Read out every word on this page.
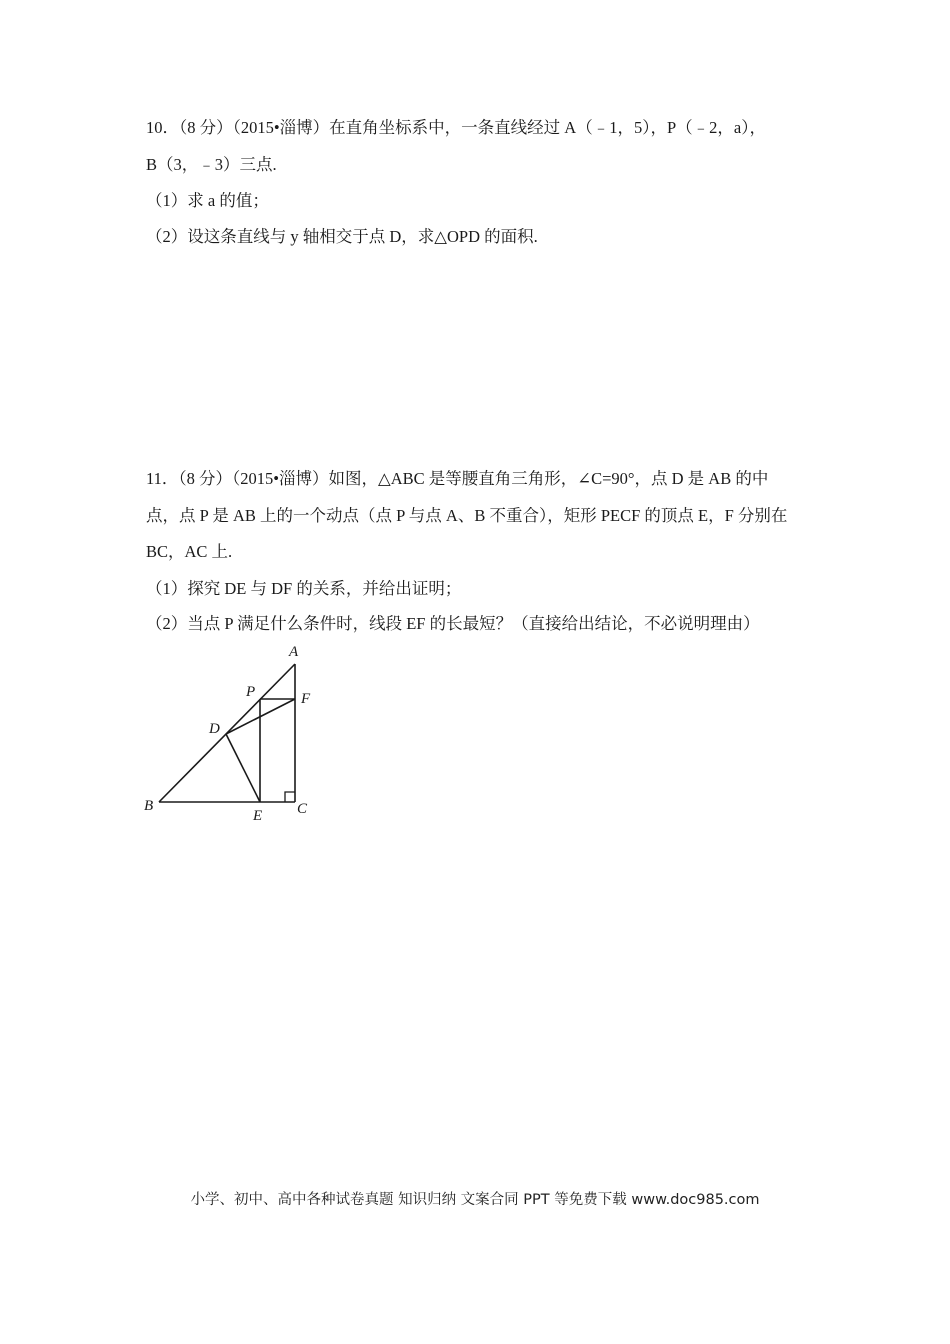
10．（8 分）（2015•淄博）在直角坐标系中，一条直线经过 A（﹣1，5），P（﹣2，a），
B（3，﹣3）三点.
（1）求 a 的值；
（2）设这条直线与 y 轴相交于点 D，求△OPD 的面积.
11．（8 分）（2015•淄博）如图，△ABC 是等腰直角三角形，∠C=90°，点 D 是 AB 的中
点，点 P 是 AB 上的一个动点（点 P 与点 A、B 不重合），矩形 PECF 的顶点 E，F 分别在
BC，AC 上.
（1）探究 DE 与 DF 的关系，并给出证明；
（2）当点 P 满足什么条件时，线段 EF 的长最短？（直接给出结论，不必说明理由）
A
P	F
D
B
E C
小学、初中、高中各种试卷真题 知识归纳 文案合同 PPT 等免费下载 www.doc985.com
